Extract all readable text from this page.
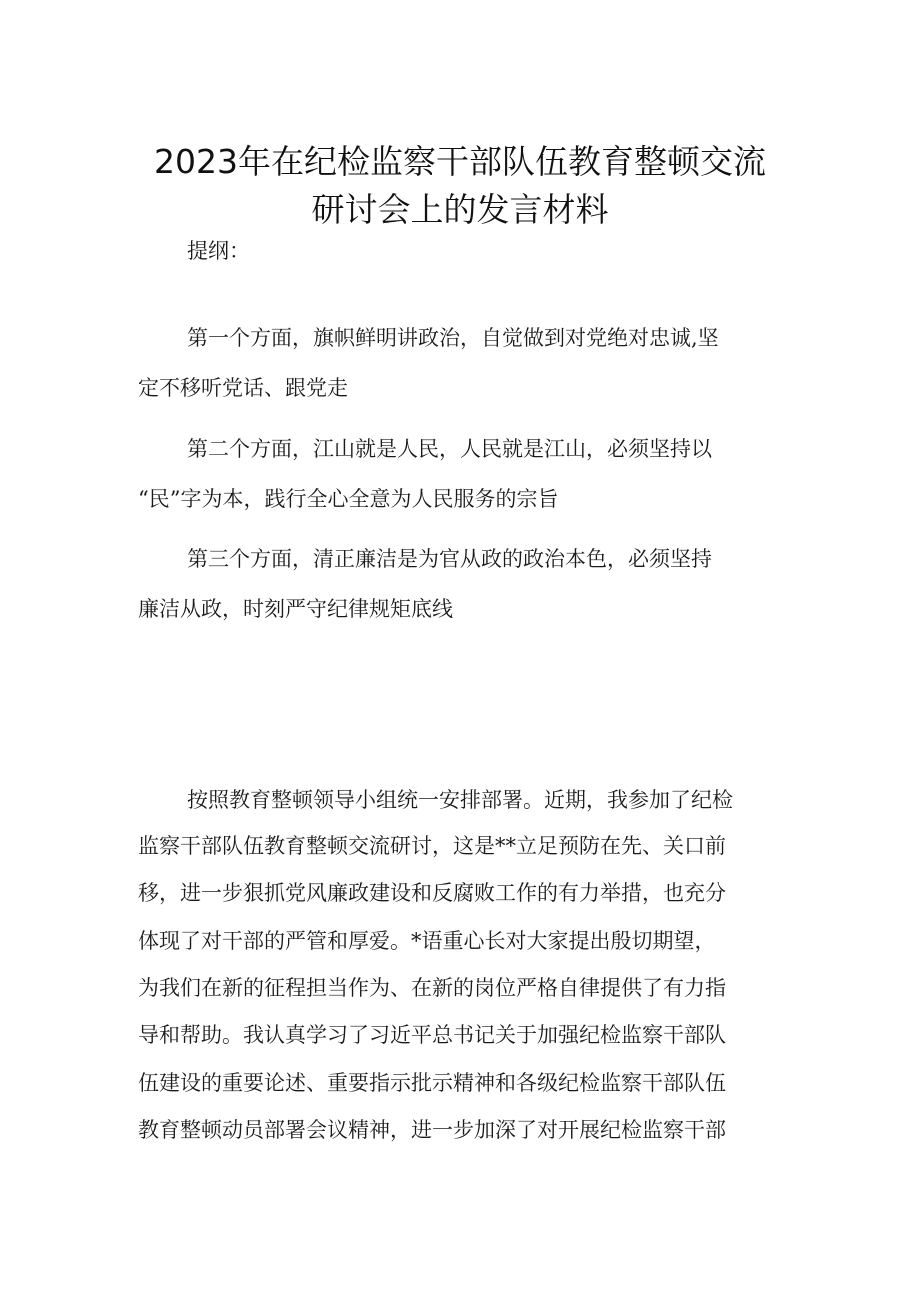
2023年在纪检监察干部队伍教育整顿交流
研讨会上的发言材料

提纲：

第一个方面，旗帜鲜明讲政治，自觉做到对党绝对忠诚,坚

定不移听党话、跟党走

第二个方面，江山就是人民，人民就是江山，必须坚持以

“民”字为本，践行全心全意为人民服务的宗旨

第三个方面，清正廉洁是为官从政的政治本色，必须坚持

廉洁从政，时刻严守纪律规矩底线

按照教育整顿领导小组统一安排部署。近期，我参加了纪检

监察干部队伍教育整顿交流研讨，这是**立足预防在先、关口前

移，进一步狠抓党风廉政建设和反腐败工作的有力举措，也充分

体现了对干部的严管和厚爱。*语重心长对大家提出殷切期望，

为我们在新的征程担当作为、在新的岗位严格自律提供了有力指

导和帮助。我认真学习了习近平总书记关于加强纪检监察干部队

伍建设的重要论述、重要指示批示精神和各级纪检监察干部队伍

教育整顿动员部署会议精神，进一步加深了对开展纪检监察干部
